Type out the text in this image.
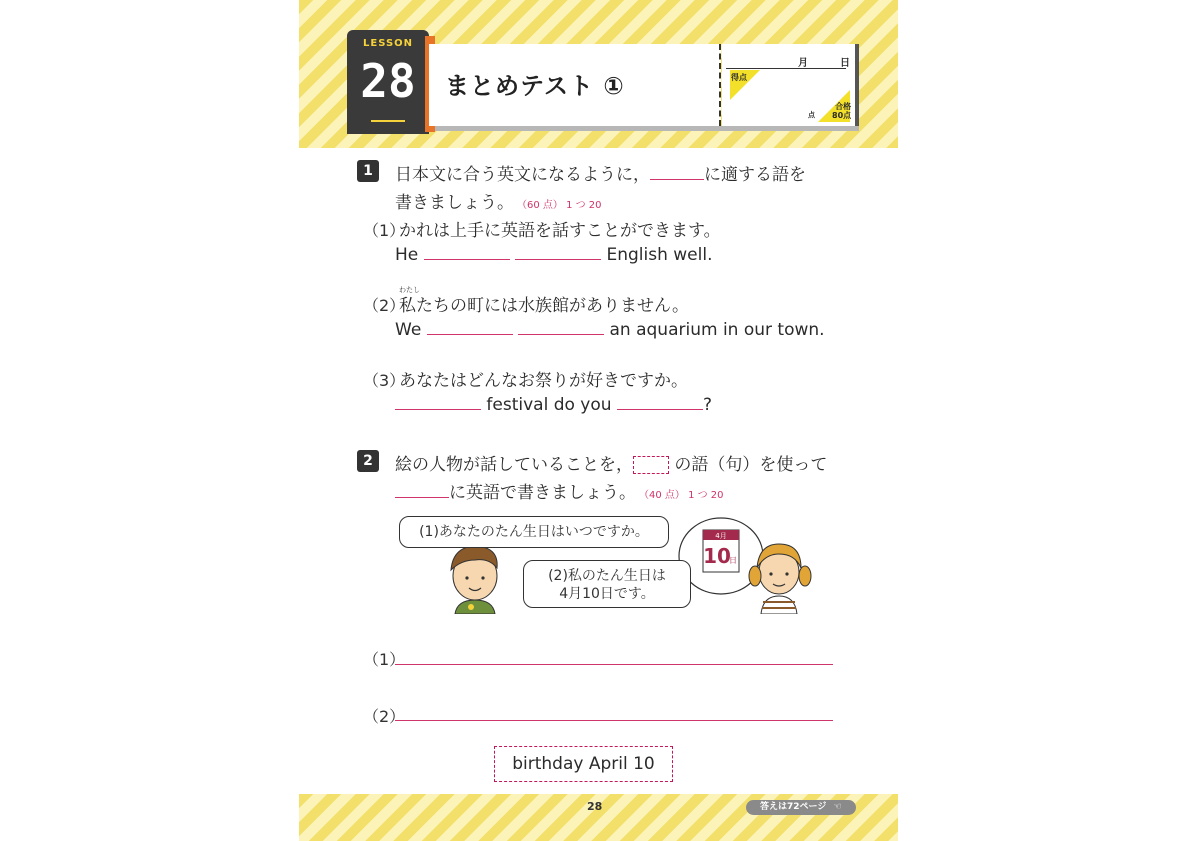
LESSON
28	まとめテスト ①
月	日
得点
点
合格
80点
1	日本文に合う英文になるように，	に適する語を
書きましょう。 （60 点） 1 つ 20
（1）
かれは上手に英語を話すことができます。
He	English well.
わたし
（2）
私たちの町には水族館がありません。
We	an aquarium in our town.
（3）
あなたはどんなお祭りが好きですか。
festival do you	?
2	絵の人物が話していることを， の語（句）を使って
に英語で書きましょう。 （40 点） 1 つ 20
4月
10
日
(1)あなたのたん生日はいつですか。
(2)私のたん生日は
4月10日です。
（1）
（2）
birthday April 10
28	答えは72ページ ☜
